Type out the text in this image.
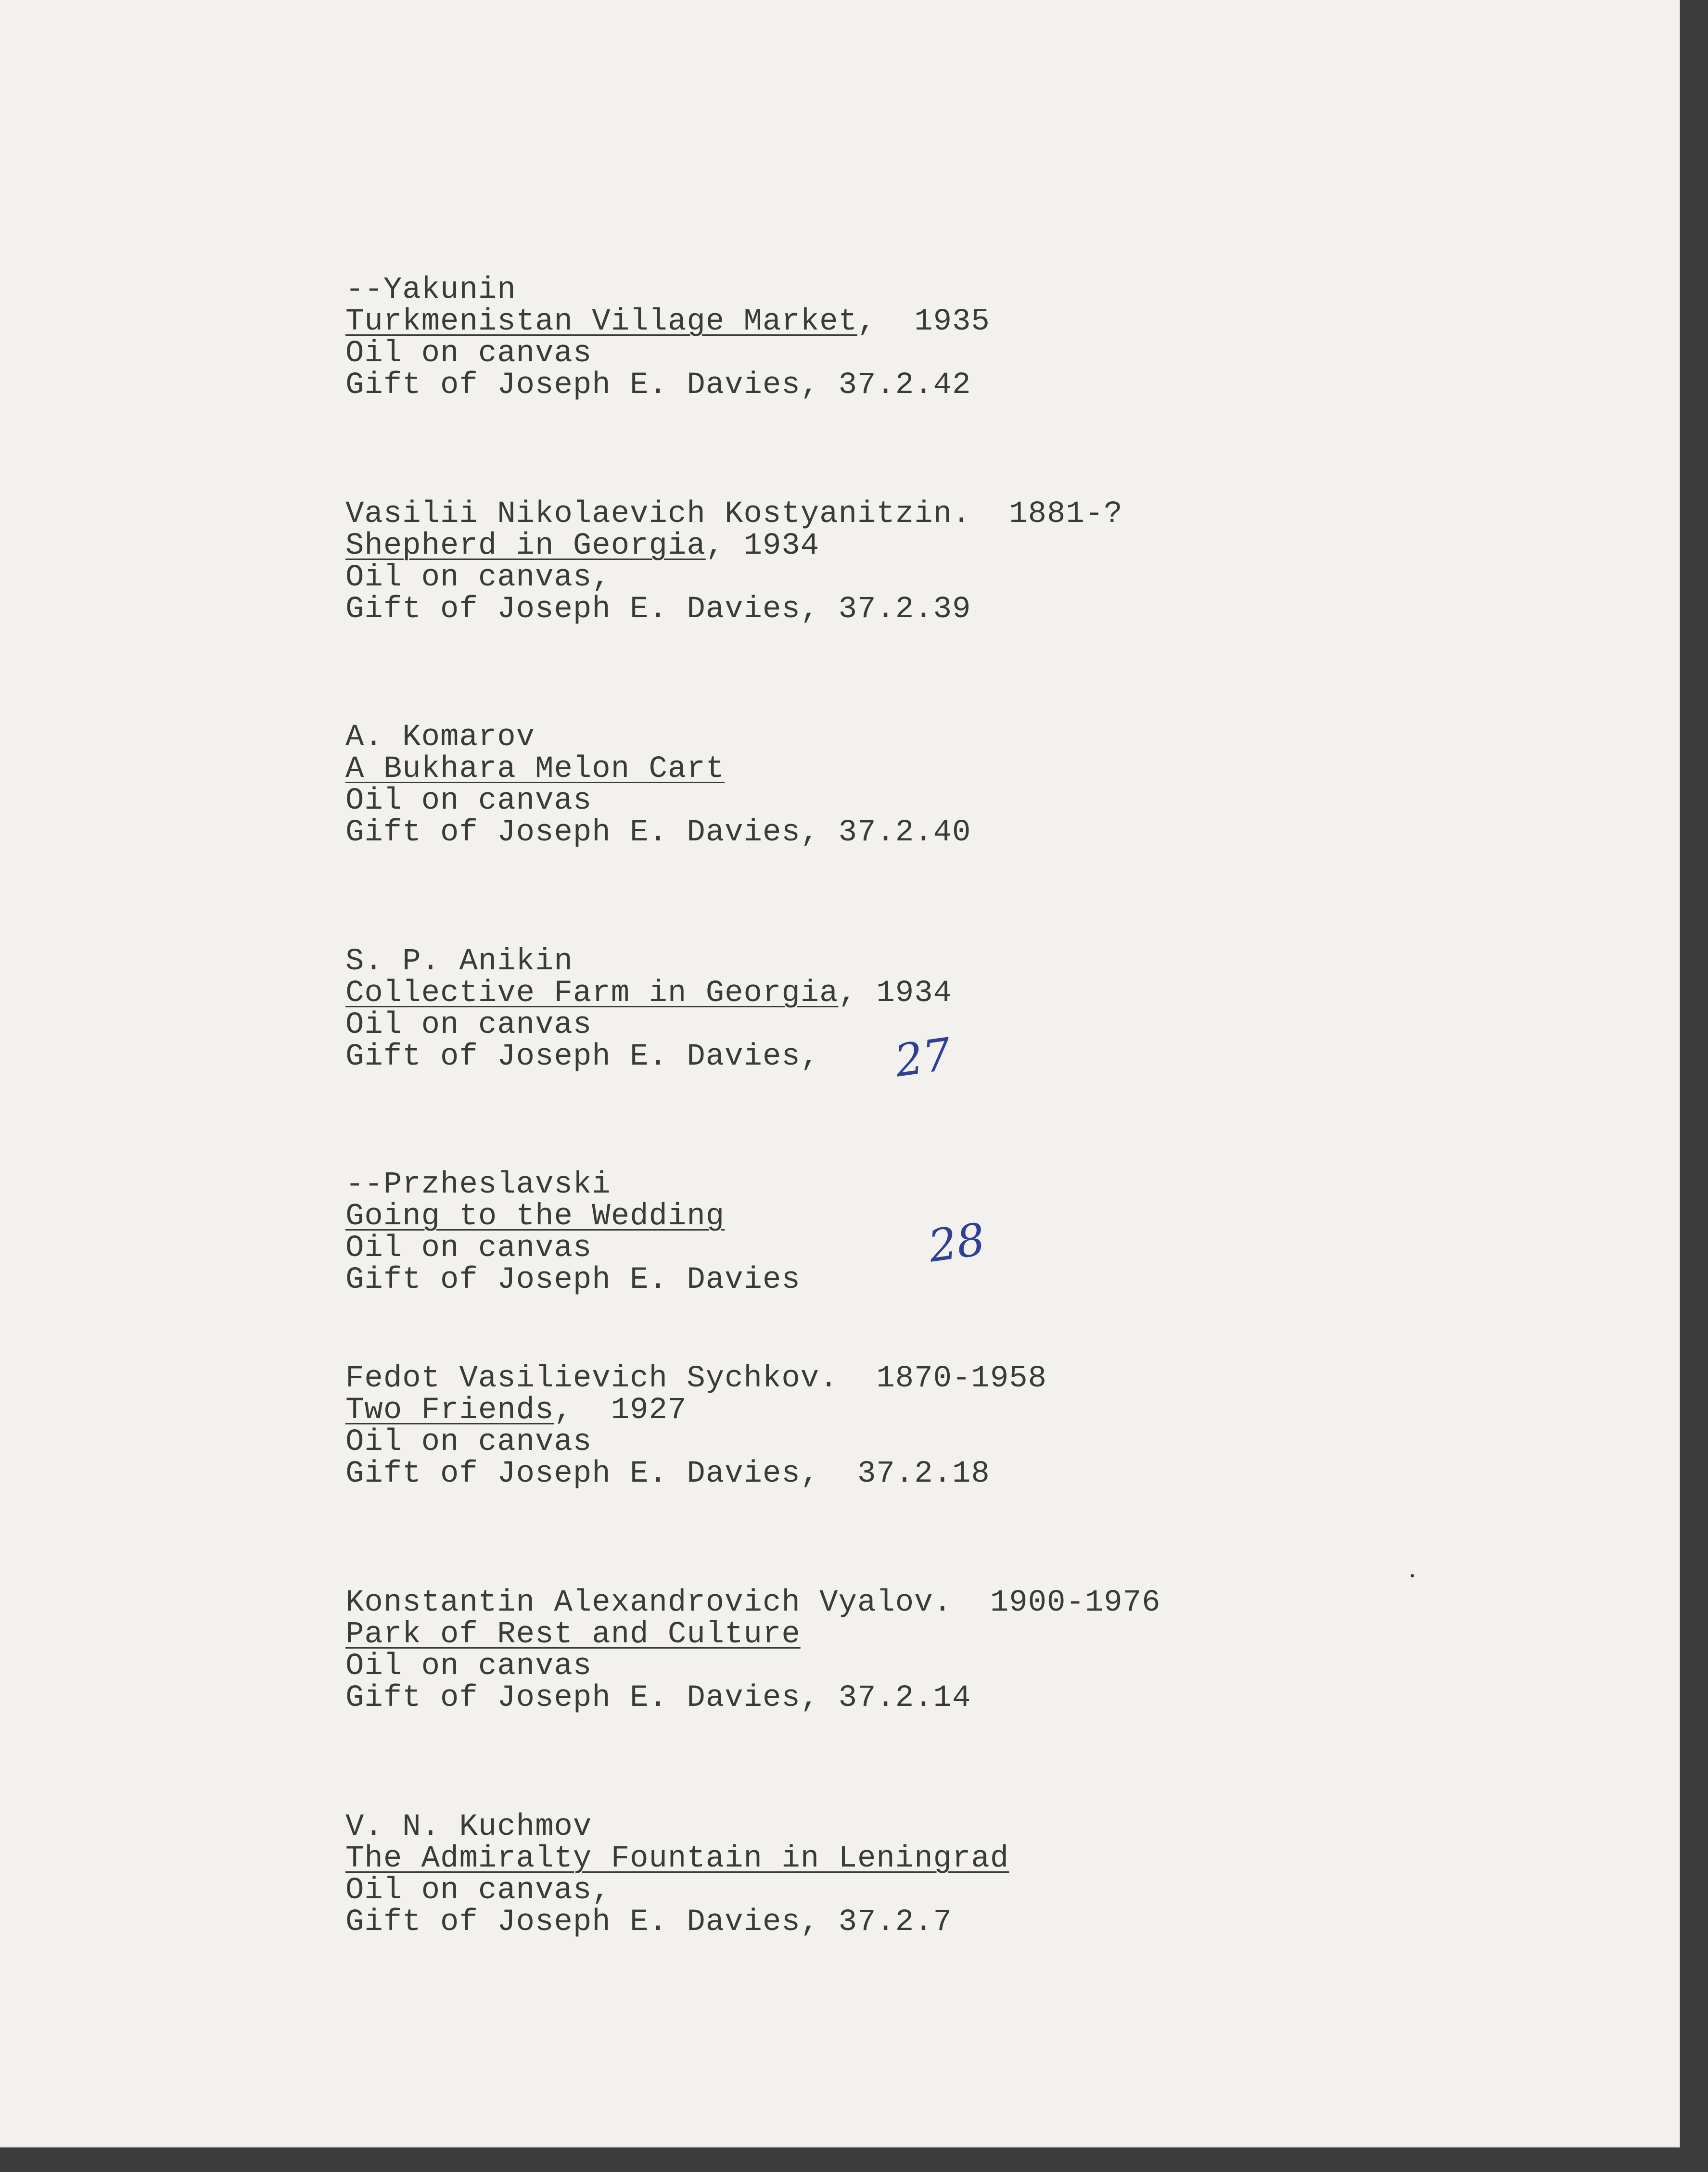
--Yakunin
Turkmenistan Village Market,  1935
Oil on canvas
Gift of Joseph E. Davies, 37.2.42
Vasilii Nikolaevich Kostyanitzin.  1881-?
Shepherd in Georgia, 1934
Oil on canvas,
Gift of Joseph E. Davies, 37.2.39
A. Komarov
A Bukhara Melon Cart
Oil on canvas
Gift of Joseph E. Davies, 37.2.40
S. P. Anikin
Collective Farm in Georgia, 1934
Oil on canvas
Gift of Joseph E. Davies,
--Przheslavski
Going to the Wedding
Oil on canvas
Gift of Joseph E. Davies
Fedot Vasilievich Sychkov.  1870-1958
Two Friends,  1927
Oil on canvas
Gift of Joseph E. Davies,  37.2.18
Konstantin Alexandrovich Vyalov.  1900-1976
Park of Rest and Culture
Oil on canvas
Gift of Joseph E. Davies, 37.2.14
V. N. Kuchmov
The Admiralty Fountain in Leningrad
Oil on canvas,
Gift of Joseph E. Davies, 37.2.7
27
28
